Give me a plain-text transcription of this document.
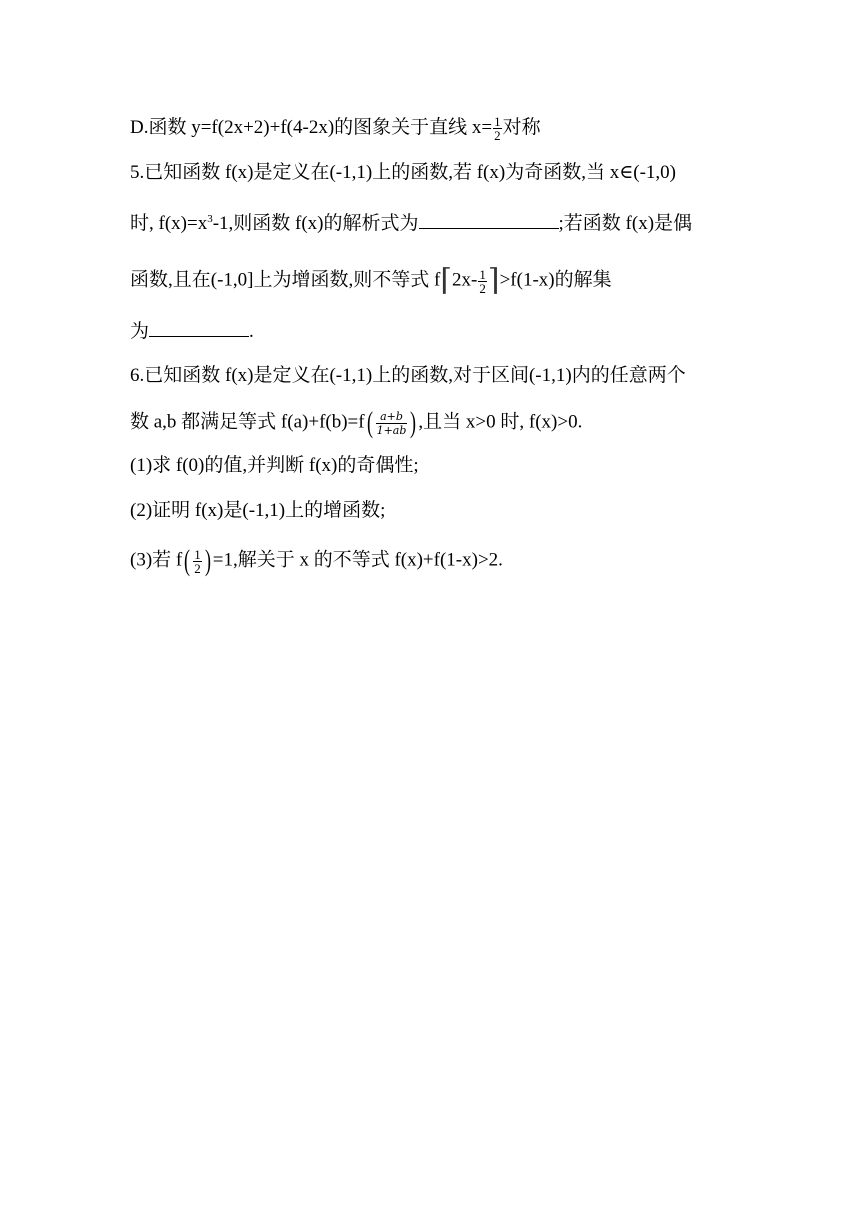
D.函数 y=f(2x+2)+f(4-2x)的图象关于直线 $x= \frac{1}{2}$ 对称
5.已知函数 f(x)是定义在(-1,1)上的函数,若 f(x)为奇函数,当 x∈(-1,0)
时, $f(x)=x^3-1$,则函数 f(x)的解析式为	;若函数 f(x)是偶
函数,且在(-1,0]上为增函数,则不等式 f⌈2x- $\frac{1}{2}$ ⌉>f(1-x)的解集
为	.
6.已知函数 f(x)是定义在(-1,1)上的函数,对于区间(-1,1)内的任意两个
数 a,b 都满足等式 $f(a)+f(b)=f( \frac{a+b}{1+ab}$ ) ,且当 x>0 时, f(x)>0.
(1)求 f(0)的值,并判断 f(x)的奇偶性;
(2)证明 f(x)是(-1,1)上的增函数;
(3)若 $f( \frac{1}{2}$ ) =1,解关于 x 的不等式 f(x)+f(1-x)>2.
